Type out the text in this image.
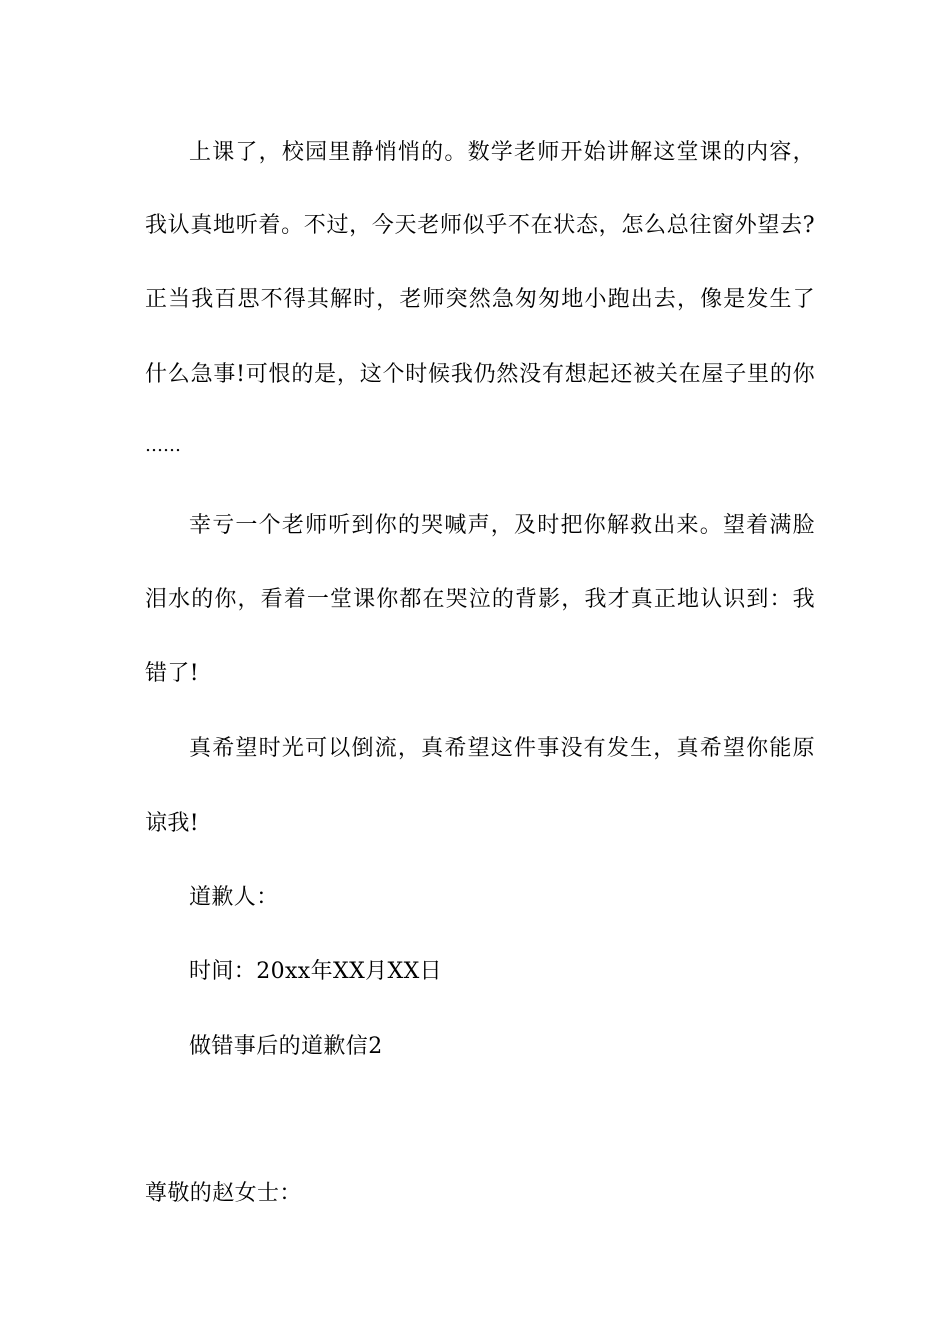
上课了，校园里静悄悄的。数学老师开始讲解这堂课的内容，
我认真地听着。不过，今天老师似乎不在状态，怎么总往窗外望去?
正当我百思不得其解时，老师突然急匆匆地小跑出去，像是发生了
什么急事!可恨的是，这个时候我仍然没有想起还被关在屋子里的你
……
幸亏一个老师听到你的哭喊声，及时把你解救出来。望着满脸
泪水的你，看着一堂课你都在哭泣的背影，我才真正地认识到：我
错了!
真希望时光可以倒流，真希望这件事没有发生，真希望你能原
谅我!
道歉人：
时间：20xx年XX月XX日
做错事后的道歉信2
尊敬的赵女士：
